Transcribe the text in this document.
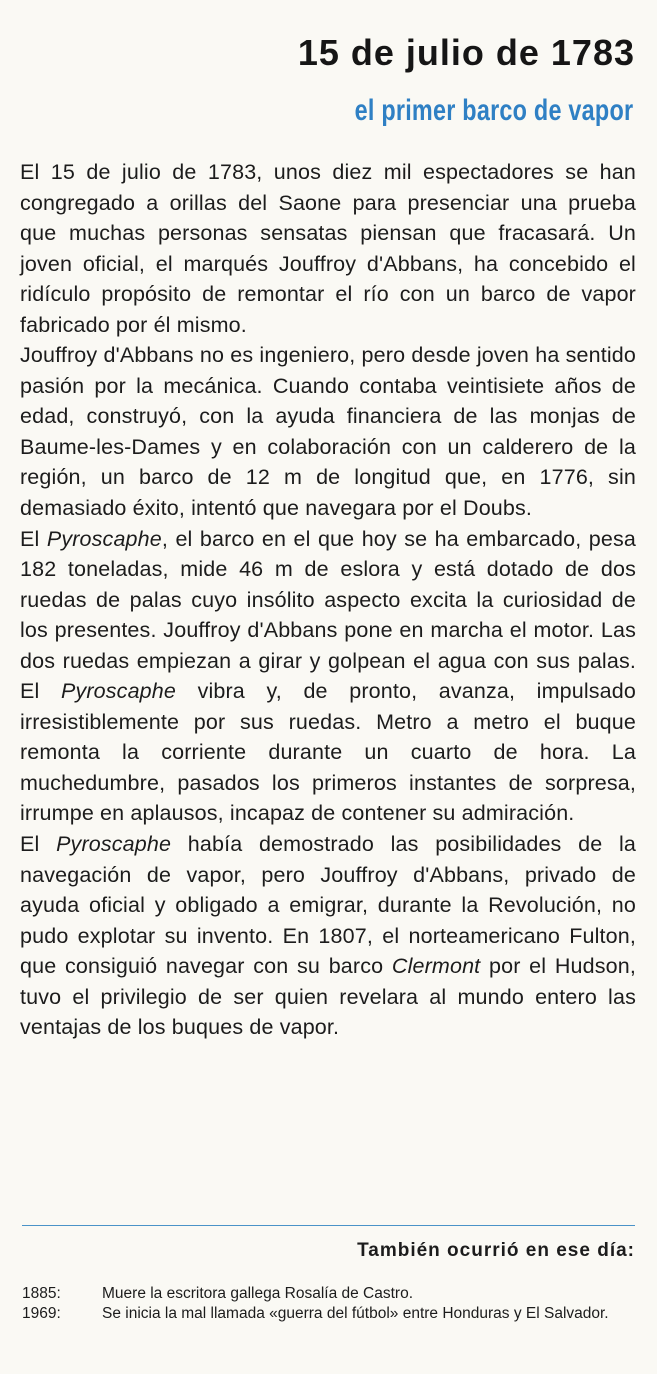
15 de julio de 1783
el primer barco de vapor

El 15 de julio de 1783, unos diez mil espectadores se han congregado a orillas del Saone para presenciar una prueba que muchas personas sensatas piensan que fracasará. Un joven oficial, el marqués Jouffroy d'Abbans, ha concebido el ridículo propósito de remontar el río con un barco de vapor fabricado por él mismo.

Jouffroy d'Abbans no es ingeniero, pero desde joven ha sentido pasión por la mecánica. Cuando contaba veintisiete años de edad, construyó, con la ayuda financiera de las monjas de Baume-les-Dames y en colaboración con un calderero de la región, un barco de 12 m de longitud que, en 1776, sin demasiado éxito, intentó que navegara por el Doubs.

El Pyroscaphe, el barco en el que hoy se ha embarcado, pesa 182 toneladas, mide 46 m de eslora y está dotado de dos ruedas de palas cuyo insólito aspecto excita la curiosidad de los presentes. Jouffroy d'Abbans pone en marcha el motor. Las dos ruedas empiezan a girar y golpean el agua con sus palas. El Pyroscaphe vibra y, de pronto, avanza, impulsado irresistiblemente por sus ruedas. Metro a metro el buque remonta la corriente durante un cuarto de hora. La muchedumbre, pasados los primeros instantes de sorpresa, irrumpe en aplausos, incapaz de contener su admiración.

El Pyroscaphe había demostrado las posibilidades de la navegación de vapor, pero Jouffroy d'Abbans, privado de ayuda oficial y obligado a emigrar, durante la Revolución, no pudo explotar su invento. En 1807, el norteamericano Fulton, que consiguió navegar con su barco Clermont por el Hudson, tuvo el privilegio de ser quien revelara al mundo entero las ventajas de los buques de vapor.

También ocurrió en ese día:
1885:	Muere la escritora gallega Rosalía de Castro.
1969:	Se inicia la mal llamada «guerra del fútbol» entre Honduras y El Salvador.
